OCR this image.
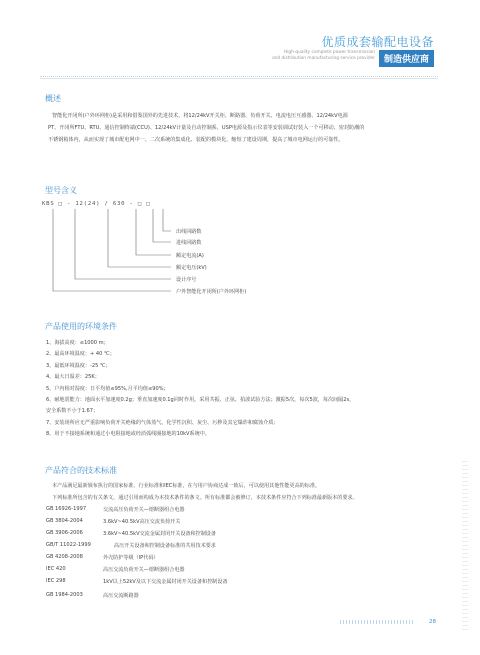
优质成套输配电设备
High-quality complete power transmission
and distribution manufacturing service provider 制造供应商
概述
智能化开闭所(户外环网柜)是采用和借鉴国外的先进技术，将12/24kV开关柜、断路器、负荷开关、电流电压互感器、12/24kV电源
PT、开闭所FTU、RTU、通信控制终端(CCU)、12/24kV计量及自动控制系、USP电源及指示仪表等安装调试好装入一个可移动、密封防潮的
不锈钢箱体内，从而实现了城市配电网中一、二次系统的集成化、装配的模块化、缩短了建设周期，提高了城市电网运行的可靠性。
型号含义
KBS □ - 12(24) / 630 - □ □
出线回路数
进线回路数
额定电流(A)
额定电压(kV)
设计序号
户外智能化开闭所(户外环网柜)
产品使用的环境条件
1、海拔高度：≤1000 m；
2、最高环境温度：+ 40 ℃；
3、最低环境温度：-25 ℃；
4、最大日温差：25K；
5、户内相对湿度：日平均值≤95%,月平均值≤90%；
6、耐地震能力：地面水平加速度0.2g；垂直加速度0.1g同时作用。采用共振、正弦、拍波试验方法；激振5次，每次5波，每次间隔2s，
安全系数不小于1.67；
7、安装场所应无严重影响负荷开关绝缘的气体蒸气、化学性沉积、灰尘、污秽及其它爆炸和腐蚀介质；
8、用于不接地系统和通过小电阻接地或经消弧线圈接地的10kV系统中。
产品符合的技术标准
本产品满足最新颁布执行的国家标准、行业标准和IEC标准，在与用户协商达成一致后，可以使用其他性能更高的标准。
下列标准所包含的有关条文，通过引用而构成为本技术条件的条文。所有标准都会被修订，本技术条件应符合下列标准最新版本的要求。
GB 16926-1997	交流高压负荷开关—熔断器组合电器
GB 3804-2004	3.6kV~40.5kV高压交流负荷开关
GB 3906-2006	3.6kV~40.5kV交流金属封闭开关设备和控制设备
GB/T 11022-1999	高压开关设备和控制设备标准的共用技术要求
GB 4208-2008	外壳防护等级（IP代码）
IEC 420	高压交流负荷开关—熔断器组合电器
IEC 298	1kV以上52kV及以下交流金属封闭开关设备和控制设备
GB 1984-2003	高压交流断路器
28
